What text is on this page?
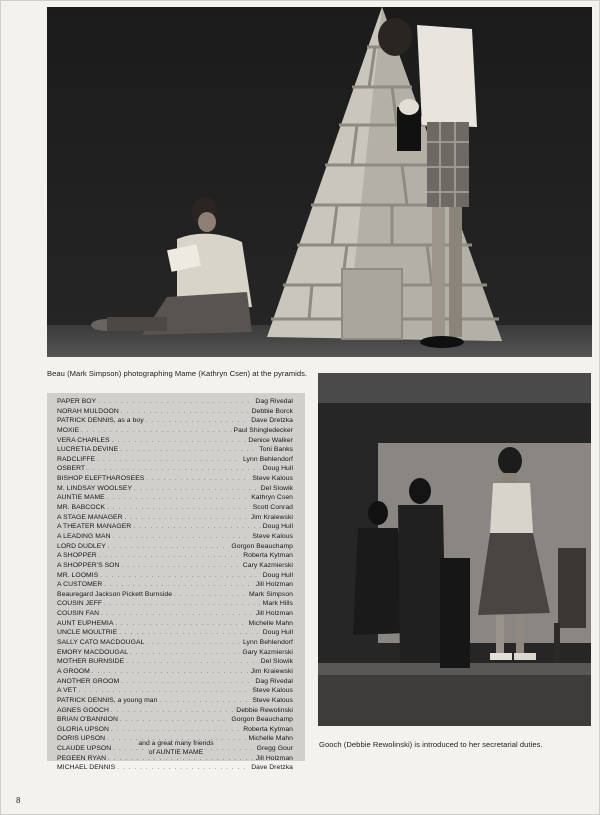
Beau (Mark Simpson) photographing Mame (Kathryn Csen) at the pyramids.
PAPER BOY . . .	Dag Rivedal
NORAH MULDOON . . .	Debbie Borck
PATRICK DENNIS, as a boy . . .	Dave Dretzka
MOXIE . . .	Paul Shingledecker
VERA CHARLES . . .	Denice Walker
LUCRETIA DEVINE . . .	Toni Banks
RADCLIFFE . . .	Lynn Behlendorf
OSBERT . . .	Doug Hull
BISHOP ELEFTHAROSEES . . .	Steve Kalous
M. LINDSAY WOOLSEY . . .	Del Slowik
AUNTIE MAME . . .	Kathryn Csen
MR. BABCOCK . . .	Scott Conrad
A STAGE MANAGER . . .	Jim Kraiewski
A THEATER MANAGER . . .	Doug Hull
A LEADING MAN . . .	Steve Kalous
LORD DUDLEY . . .	Gorgon Beauchamp
A SHOPPER . . .	Roberta Kytman
A SHOPPER'S SON . . .	Cary Kazmierski
MR. LOOMIS . . .	Doug Hull
A CUSTOMER . . .	Jill Holzman
Beauregard Jackson Pickett Burnside . . .	Mark Simpson
COUSIN JEFF . . .	Mark Hills
COUSIN FAN . . .	Jill Holzman
AUNT EUPHEMIA . . .	Michelle Mahn
UNCLE MOULTRIE . . .	Doug Hull
SALLY CATO MACDOUGAL . . .	Lynn Behlendorf
EMORY MACDOUGAL . . .	Gary Kazmierski
MOTHER BURNSIDE . . .	Del Slowik
A GROOM . . .	Jim Kraiewski
ANOTHER GROOM . . .	Dag Rivedal
A VET . . .	Steve Kalous
PATRICK DENNIS, a young man . . .	Steve Kalous
AGNES GOOCH . . .	Debbie Rewolinski
BRIAN O'BANNION . . .	Gorgon Beauchamp
GLORIA UPSON . . .	Roberta Kytman
DORIS UPSON . . .	Michelle Mahn
CLAUDE UPSON . . .	Gregg Gour
PEGEEN RYAN . . .	Jill Holzman
MICHAEL DENNIS . . .	Dave Dretzka
and a great many friends
of AUNTIE MAME
Gooch (Debbie Rewolinski) is introduced to her secretarial duties.
8
